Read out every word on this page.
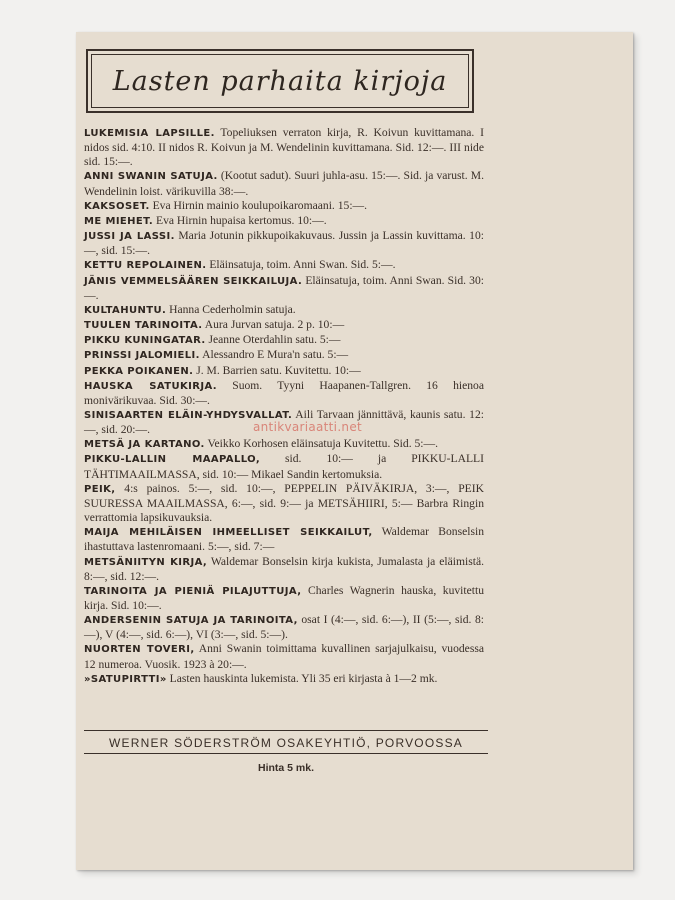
Lasten parhaita kirjoja

LUKEMISIA LAPSILLE. Topeliuksen verraton kirja, R. Koivun kuvittamana. I nidos sid. 4:10. II nidos R. Koivun ja M. Wendelinin kuvittamana. Sid. 12:—. III nide sid. 15:—.

ANNI SWANIN SATUJA. (Kootut sadut). Suuri juhla-asu. 15:—. Sid. ja varust. M. Wendelinin loist. värikuvilla 38:—.

KAKSOSET. Eva Hirnin mainio koulupoikaromaani. 15:—.

ME MIEHET. Eva Hirnin hupaisa kertomus. 10:—.

JUSSI JA LASSI. Maria Jotunin pikkupoikakuvaus. Jussin ja Lassin kuvittama. 10:—, sid. 15:—.

KETTU REPOLAINEN. Eläinsatuja, toim. Anni Swan. Sid. 5:—.

JÄNIS VEMMELSÄÄREN SEIKKAILUJA. Eläinsatuja, toim. Anni Swan. Sid. 30:—.

KULTAHUNTU. Hanna Cederholmin satuja.

TUULEN TARINOITA. Aura Jurvan satuja. 2 p. 10:—

PIKKU KUNINGATAR. Jeanne Oterdahlin satu. 5:—

PRINSSI JALOMIELI. Alessandro E Mura'n satu. 5:—

PEKKA POIKANEN. J. M. Barrien satu. Kuvitettu. 10:—

HAUSKA SATUKIRJA. Suom. Tyyni Haapanen-Tallgren. 16 hienoa monivärikuvaa. Sid. 30:—.

SINISAARTEN ELÄIN-YHDYSVALLAT. Aili Tarvaan jännittävä, kaunis satu. 12:—, sid. 20:—.

METSÄ JA KARTANO. Veikko Korhosen eläinsatuja Kuvitettu. Sid. 5:—.

PIKKU-LALLIN MAAPALLO, sid. 10:— ja PIKKU-LALLI TÄHTIMAAILMASSA, sid. 10:— Mikael Sandin kertomuksia.

PEIK, 4:s painos. 5:—, sid. 10:—, PEPPELIN PÄIVÄKIRJA, 3:—, PEIK SUURESSA MAAILMASSA, 6:—, sid. 9:— ja METSÄHIIRI, 5:— Barbra Ringin verrattomia lapsikuvauksia.

MAIJA MEHILÄISEN IHMEELLISET SEIKKAILUT, Waldemar Bonselsin ihastuttava lastenromaani. 5:—, sid. 7:—

METSÄNIITYN KIRJA, Waldemar Bonselsin kirja kukista, Jumalasta ja eläimistä. 8:—, sid. 12:—.

TARINOITA JA PIENIÄ PILAJUTTUJA, Charles Wagnerin hauska, kuvitettu kirja. Sid. 10:—.

ANDERSENIN SATUJA JA TARINOITA, osat I (4:—, sid. 6:—), II (5:—, sid. 8:—), V (4:—, sid. 6:—), VI (3:—, sid. 5:—).

NUORTEN TOVERI, Anni Swanin toimittama kuvallinen sarjajulkaisu, vuodessa 12 numeroa. Vuosik. 1923 à 20:—.

»SATUPIRTTI» Lasten hauskinta lukemista. Yli 35 eri kirjasta à 1—2 mk.

WERNER SÖDERSTRÖM OSAKEYHTIÖ, PORVOOSSA
Hinta 5 mk.
antikvariaatti.net
